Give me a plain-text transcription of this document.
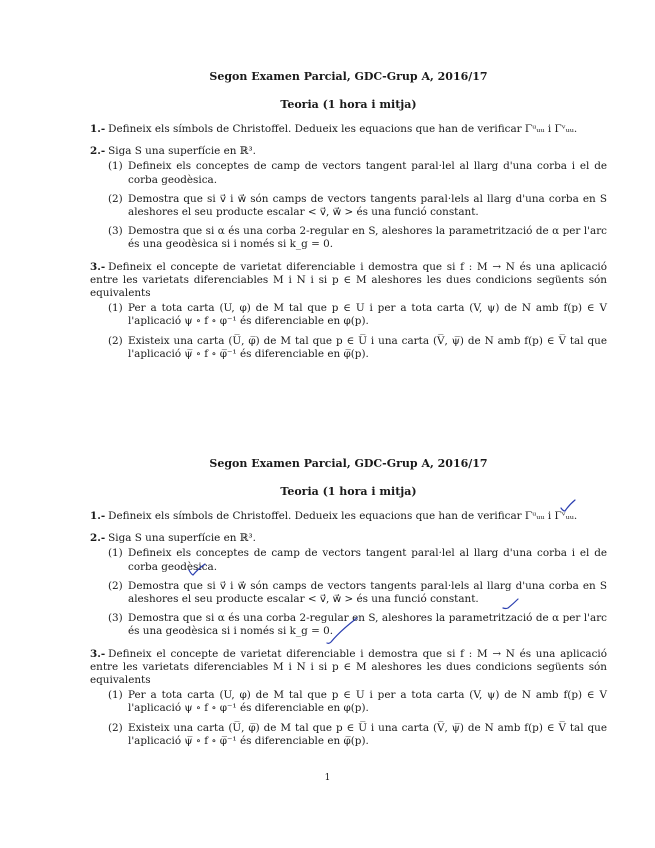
Segon Examen Parcial, GDC-Grup A, 2016/17
Teoria (1 hora i mitja)

1.- Defineix els símbols de Christoffel. Dedueix les equacions que han de verificar Γᵘᵤᵤ i Γᵛᵤᵤ.

2.- Siga S una superfície en ℝ³.
(1) Defineix els conceptes de camp de vectors tangent paral·lel al llarg d'una corba i el de corba geodèsica.
(2) Demostra que si v⃗ i w⃗ són camps de vectors tangents paral·lels al llarg d'una corba en S aleshores el seu producte escalar < v⃗, w⃗ > és una funció constant.
(3) Demostra que si α és una corba 2-regular en S, aleshores la parametrització de α per l'arc és una geodèsica si i només si k_g = 0.
3.- Defineix el concepte de varietat diferenciable i demostra que si f : M → N és una aplicació entre les varietats diferenciables M i N i si p ∈ M aleshores les dues condicions següents són equivalents
(1) Per a tota carta (U, φ) de M tal que p ∈ U i per a tota carta (V, ψ) de N amb f(p) ∈ V l'aplicació ψ ∘ f ∘ φ⁻¹ és diferenciable en φ(p).
(2) Existeix una carta (U̅, φ̅) de M tal que p ∈ U̅ i una carta (V̅, ψ̅) de N amb f(p) ∈ V̅ tal que l'aplicació ψ̅ ∘ f ∘ φ̅⁻¹ és diferenciable en φ̅(p).
Segon Examen Parcial, GDC-Grup A, 2016/17
Teoria (1 hora i mitja)

1.- Defineix els símbols de Christoffel. Dedueix les equacions que han de verificar Γᵘᵤᵤ i Γᵛᵤᵤ.

2.- Siga S una superfície en ℝ³.
(1) Defineix els conceptes de camp de vectors tangent paral·lel al llarg d'una corba i el de corba geodèsica.
(2) Demostra que si v⃗ i w⃗ són camps de vectors tangents paral·lels al llarg d'una corba en S aleshores el seu producte escalar < v⃗, w⃗ > és una funció constant.
(3) Demostra que si α és una corba 2-regular en S, aleshores la parametrització de α per l'arc és una geodèsica si i només si k_g = 0.
3.- Defineix el concepte de varietat diferenciable i demostra que si f : M → N és una aplicació entre les varietats diferenciables M i N i si p ∈ M aleshores les dues condicions següents són equivalents
(1) Per a tota carta (U, φ) de M tal que p ∈ U i per a tota carta (V, ψ) de N amb f(p) ∈ V l'aplicació ψ ∘ f ∘ φ⁻¹ és diferenciable en φ(p).
(2) Existeix una carta (U̅, φ̅) de M tal que p ∈ U̅ i una carta (V̅, ψ̅) de N amb f(p) ∈ V̅ tal que l'aplicació ψ̅ ∘ f ∘ φ̅⁻¹ és diferenciable en φ̅(p).
1
